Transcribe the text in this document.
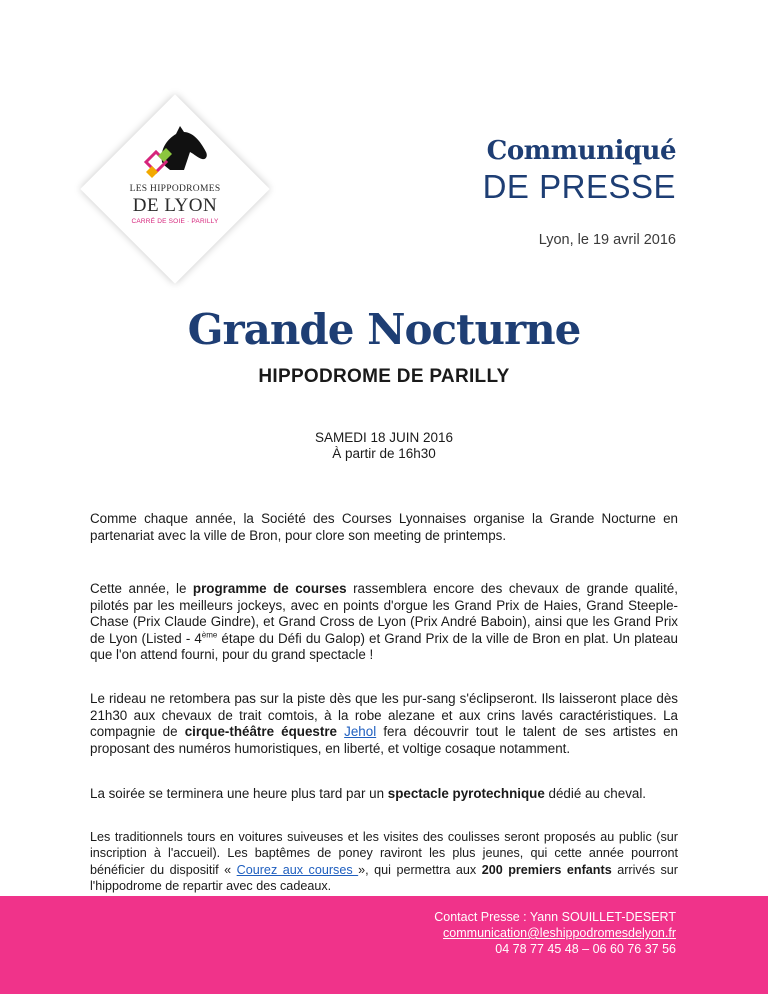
LES HIPPODROMES
DE LYON
CARRÉ DE SOIE · PARILLY
Communiqué
DE PRESSE
Lyon, le 19 avril 2016
Grande Nocturne
HIPPODROME DE PARILLY
SAMEDI 18 JUIN 2016
À partir de 16h30
Comme chaque année, la Société des Courses Lyonnaises organise la Grande Nocturne en partenariat avec la ville de Bron, pour clore son meeting de printemps.
Cette année, le programme de courses rassemblera encore des chevaux de grande qualité, pilotés par les meilleurs jockeys, avec en points d'orgue les Grand Prix de Haies, Grand Steeple-Chase (Prix Claude Gindre), et Grand Cross de Lyon (Prix André Baboin), ainsi que les Grand Prix de Lyon (Listed - 4ème étape du Défi du Galop) et Grand Prix de la ville de Bron en plat. Un plateau que l'on attend fourni, pour du grand spectacle !
Le rideau ne retombera pas sur la piste dès que les pur-sang s'éclipseront. Ils laisseront place dès 21h30 aux chevaux de trait comtois, à la robe alezane et aux crins lavés caractéristiques. La compagnie de cirque-théâtre équestre Jehol fera découvrir tout le talent de ses artistes en proposant des numéros humoristiques, en liberté, et voltige cosaque notamment.
La soirée se terminera une heure plus tard par un spectacle pyrotechnique dédié au cheval.
Les traditionnels tours en voitures suiveuses et les visites des coulisses seront proposés au public (sur inscription à l'accueil). Les baptêmes de poney raviront les plus jeunes, qui cette année pourront bénéficier du dispositif « Courez aux courses », qui permettra aux 200 premiers enfants arrivés sur l'hippodrome de repartir avec des cadeaux.
Contact Presse : Yann SOUILLET-DESERT
communication@leshippodromesdelyon.fr
04 78 77 45 48 – 06 60 76 37 56
